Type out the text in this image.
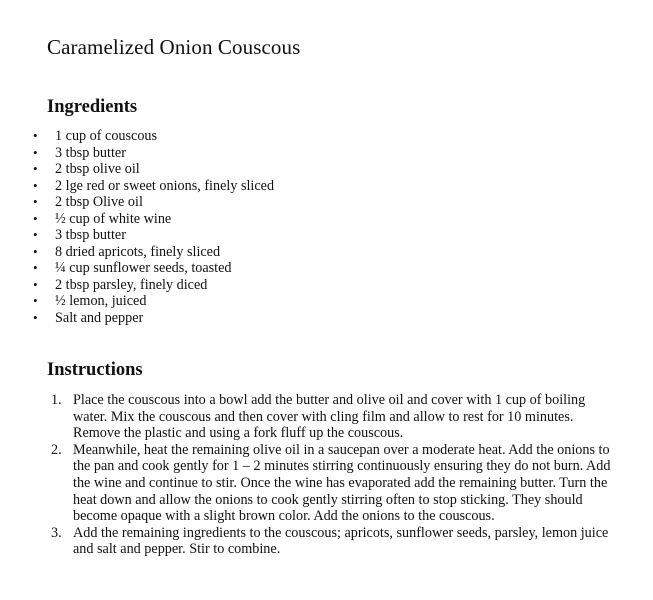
Caramelized Onion Couscous
Ingredients
• 1 cup of couscous
• 3 tbsp butter
• 2 tbsp olive oil
• 2 lge red or sweet onions, finely sliced
• 2 tbsp Olive oil
• ½ cup of white wine
• 3 tbsp butter
• 8 dried apricots, finely sliced
• ¼ cup sunflower seeds, toasted
• 2 tbsp parsley, finely diced
• ½ lemon, juiced
• Salt and pepper
Instructions
1. Place the couscous into a bowl add the butter and olive oil and cover with 1 cup of boiling water. Mix the couscous and then cover with cling film and allow to rest for 10 minutes. Remove the plastic and using a fork fluff up the couscous.
2. Meanwhile, heat the remaining olive oil in a saucepan over a moderate heat. Add the onions to the pan and cook gently for 1 – 2 minutes stirring continuously ensuring they do not burn. Add the wine and continue to stir. Once the wine has evaporated add the remaining butter. Turn the heat down and allow the onions to cook gently stirring often to stop sticking. They should become opaque with a slight brown color. Add the onions to the couscous.
3. Add the remaining ingredients to the couscous; apricots, sunflower seeds, parsley, lemon juice and salt and pepper. Stir to combine.
